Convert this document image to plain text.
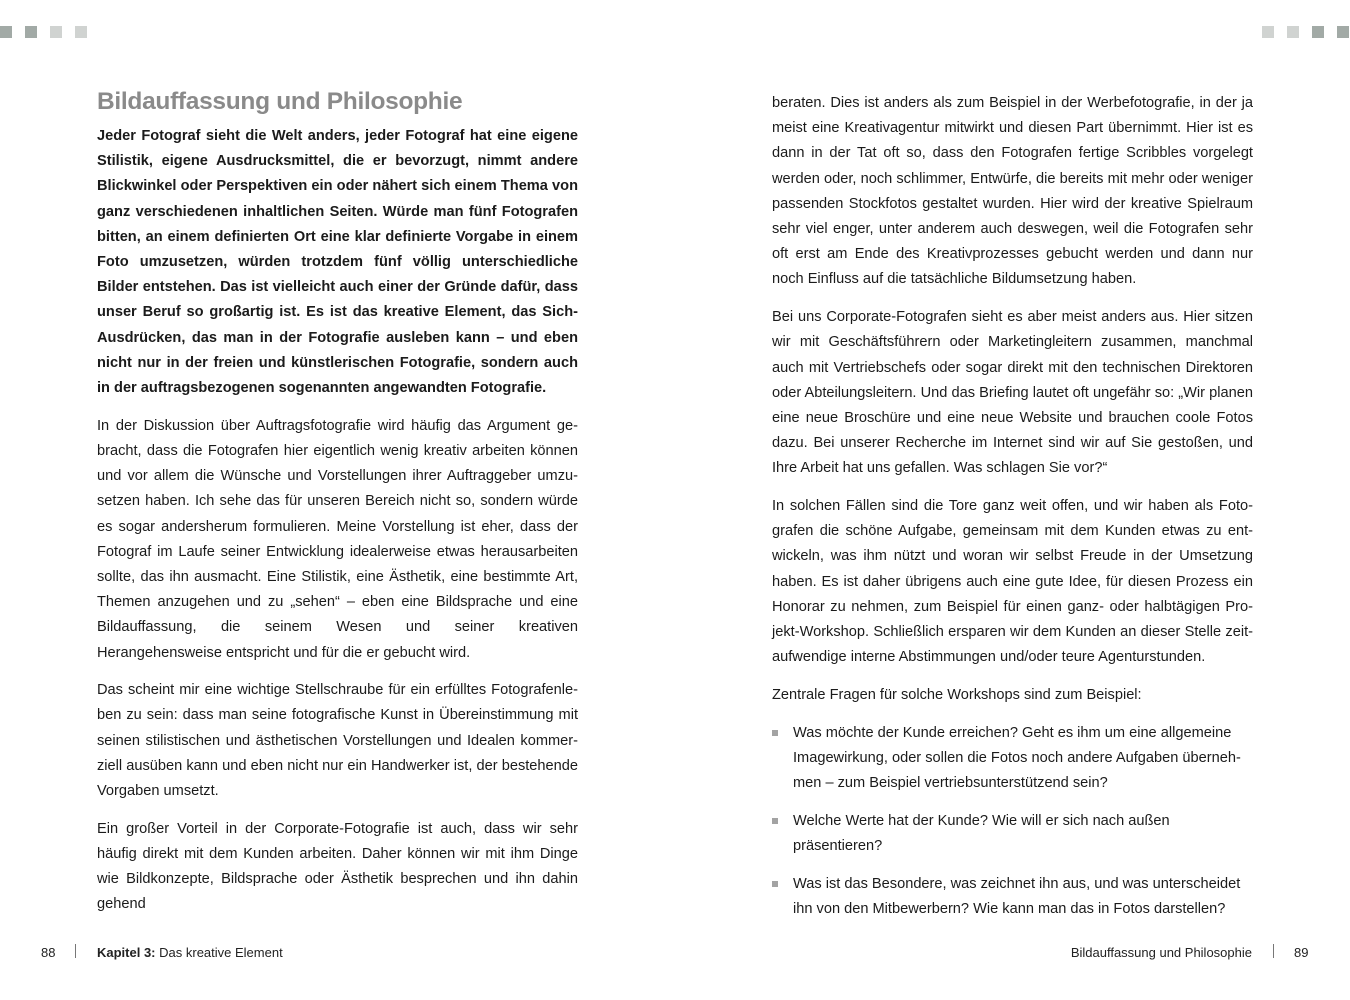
Bildauffassung und Philosophie

Jeder Fotograf sieht die Welt anders, jeder Fotograf hat eine eigene Stilistik, eigene Ausdrucksmittel, die er bevorzugt, nimmt andere Blickwinkel oder Perspektiven ein oder nähert sich einem Thema von ganz verschiedenen inhaltlichen Seiten. Würde man fünf Fotografen bitten, an einem definierten Ort eine klar definierte Vorgabe in einem Foto umzusetzen, würden trotzdem fünf völlig unterschiedliche Bilder entstehen. Das ist vielleicht auch einer der Gründe dafür, dass unser Beruf so großartig ist. Es ist das kreative Element, das Sich-Ausdrücken, das man in der Fotografie ausleben kann – und eben nicht nur in der freien und künstlerischen Fotografie, sondern auch in der auftragsbezogenen sogenannten angewandten Fotografie.

In der Diskussion über Auftragsfotografie wird häufig das Argument gebracht, dass die Fotografen hier eigentlich wenig kreativ arbeiten können und vor allem die Wünsche und Vorstellungen ihrer Auftraggeber umzusetzen haben. Ich sehe das für unseren Bereich nicht so, sondern würde es sogar andersherum formulieren. Meine Vorstellung ist eher, dass der Fotograf im Laufe seiner Entwicklung idealerweise etwas herausarbeiten sollte, das ihn ausmacht. Eine Stilistik, eine Ästhetik, eine bestimmte Art, Themen anzugehen und zu „sehen“ – eben eine Bildsprache und eine Bildauffassung, die seinem Wesen und seiner kreativen Herangehensweise entspricht und für die er gebucht wird.

Das scheint mir eine wichtige Stellschraube für ein erfülltes Fotografenleben zu sein: dass man seine fotografische Kunst in Übereinstimmung mit seinen stilistischen und ästhetischen Vorstellungen und Idealen kommerziell ausüben kann und eben nicht nur ein Handwerker ist, der bestehende Vorgaben umsetzt.

Ein großer Vorteil in der Corporate-Fotografie ist auch, dass wir sehr häufig direkt mit dem Kunden arbeiten. Daher können wir mit ihm Dinge wie Bildkonzepte, Bildsprache oder Ästhetik besprechen und ihn dahin gehend

beraten. Dies ist anders als zum Beispiel in der Werbefotografie, in der ja meist eine Kreativagentur mitwirkt und diesen Part übernimmt. Hier ist es dann in der Tat oft so, dass den Fotografen fertige Scribbles vorgelegt werden oder, noch schlimmer, Entwürfe, die bereits mit mehr oder weniger passenden Stockfotos gestaltet wurden. Hier wird der kreative Spielraum sehr viel enger, unter anderem auch deswegen, weil die Fotografen sehr oft erst am Ende des Kreativprozesses gebucht werden und dann nur noch Einfluss auf die tatsächliche Bildumsetzung haben.

Bei uns Corporate-Fotografen sieht es aber meist anders aus. Hier sitzen wir mit Geschäftsführern oder Marketingleitern zusammen, manchmal auch mit Vertriebschefs oder sogar direkt mit den technischen Direktoren oder Abteilungsleitern. Und das Briefing lautet oft ungefähr so: „Wir planen eine neue Broschüre und eine neue Website und brauchen coole Fotos dazu. Bei unserer Recherche im Internet sind wir auf Sie gestoßen, und Ihre Arbeit hat uns gefallen. Was schlagen Sie vor?“

In solchen Fällen sind die Tore ganz weit offen, und wir haben als Fotografen die schöne Aufgabe, gemeinsam mit dem Kunden etwas zu entwickeln, was ihm nützt und woran wir selbst Freude in der Umsetzung haben. Es ist daher übrigens auch eine gute Idee, für diesen Prozess ein Honorar zu nehmen, zum Beispiel für einen ganz- oder halbtägigen Projekt-Workshop. Schließlich ersparen wir dem Kunden an dieser Stelle zeitaufwendige interne Abstimmungen und/oder teure Agenturstunden.

Zentrale Fragen für solche Workshops sind zum Beispiel:

Was möchte der Kunde erreichen? Geht es ihm um eine allgemeine Imagewirkung, oder sollen die Fotos noch andere Aufgaben übernehmen – zum Beispiel vertriebsunterstützend sein?
Welche Werte hat der Kunde? Wie will er sich nach außen präsentieren?
Was ist das Besondere, was zeichnet ihn aus, und was unterscheidet ihn von den Mitbewerbern? Wie kann man das in Fotos darstellen?
88	Kapitel 3: Das kreative Element	Bildauffassung und Philosophie	89
